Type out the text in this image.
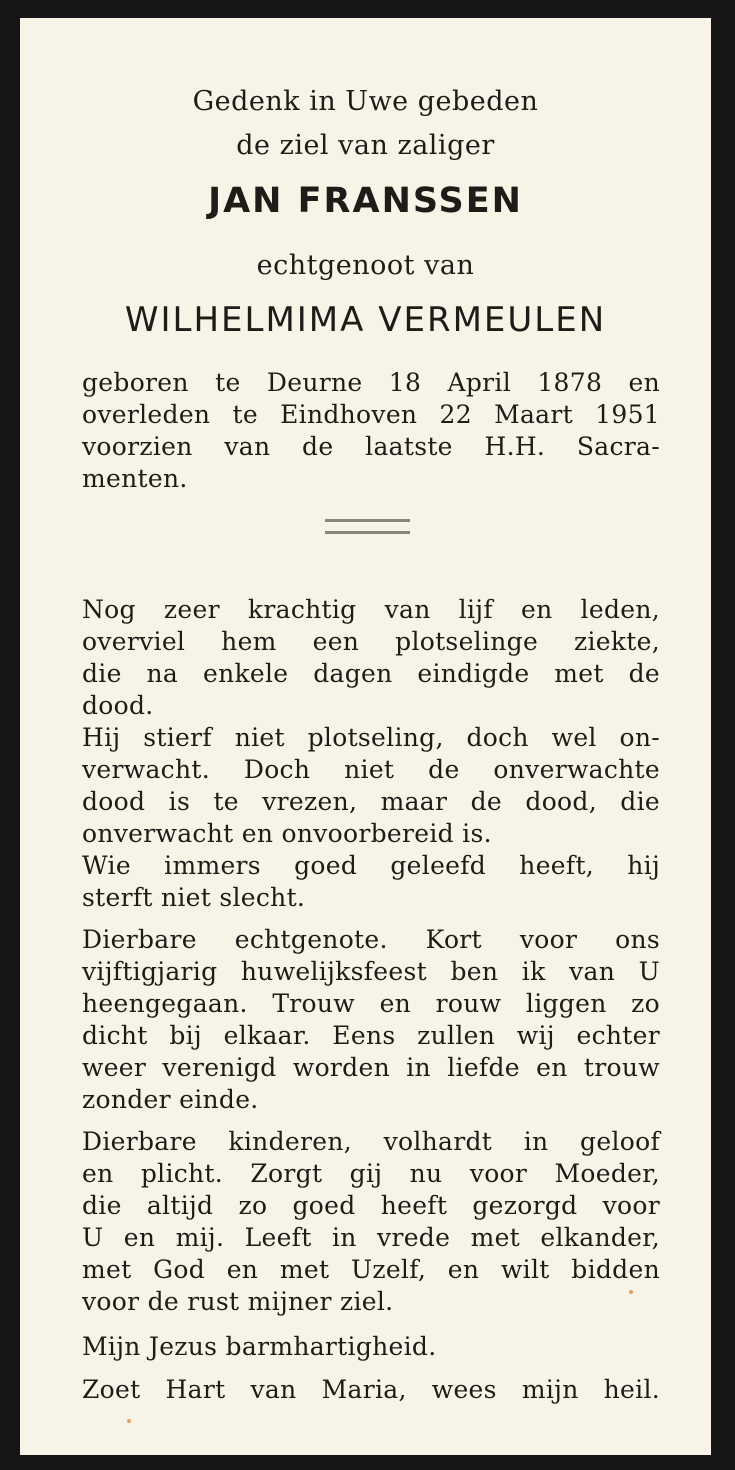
Gedenk in Uwe gebeden
de ziel van zaliger
JAN FRANSSEN
echtgenoot van
WILHELMIMA VERMEULEN
geboren te Deurne 18 April 1878 en
overleden te Eindhoven 22 Maart 1951
voorzien van de laatste H.H. Sacra-
menten.
Nog zeer krachtig van lijf en leden,
overviel hem een plotselinge ziekte,
die na enkele dagen eindigde met de
dood.
Hij stierf niet plotseling, doch wel on-
verwacht. Doch niet de onverwachte
dood is te vrezen, maar de dood, die
onverwacht en onvoorbereid is.
Wie immers goed geleefd heeft, hij
sterft niet slecht.
Dierbare echtgenote. Kort voor ons
vijftigjarig huwelijksfeest ben ik van U
heengegaan. Trouw en rouw liggen zo
dicht bij elkaar. Eens zullen wij echter
weer verenigd worden in liefde en trouw
zonder einde.
Dierbare kinderen, volhardt in geloof
en plicht. Zorgt gij nu voor Moeder,
die altijd zo goed heeft gezorgd voor
U en mij. Leeft in vrede met elkander,
met God en met Uzelf, en wilt bidden
voor de rust mijner ziel.
Mijn Jezus barmhartigheid.
Zoet Hart van Maria, wees mijn heil.
